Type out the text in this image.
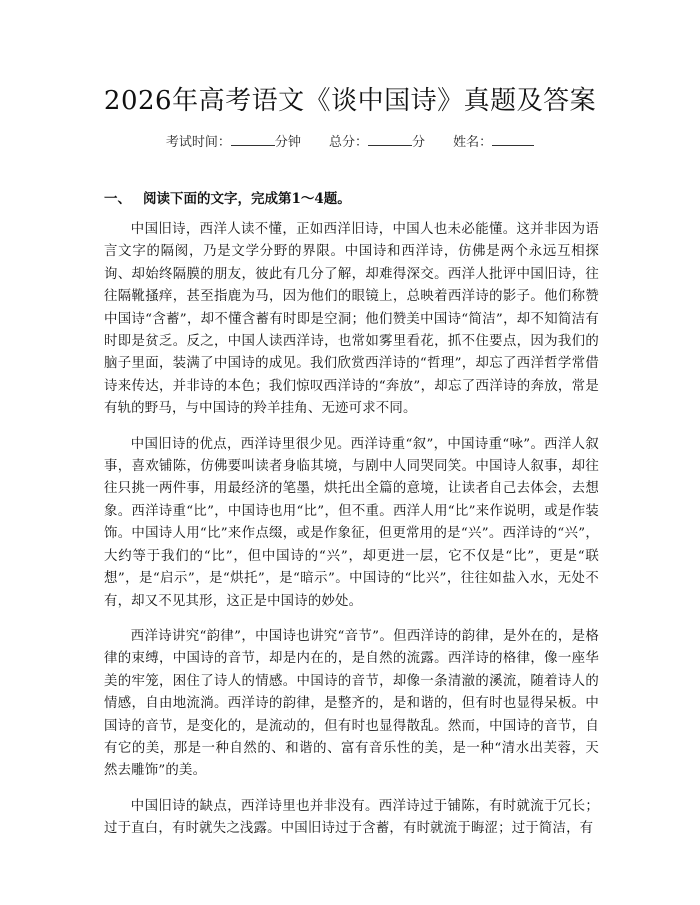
2026年高考语文《谈中国诗》真题及答案
考试时间：	分钟 总分：	分 姓名：
一、 阅读下面的文字，完成第1～4题。

中国旧诗，西洋人读不懂，正如西洋旧诗，中国人也未必能懂。这并非因为语言文字的隔阂，乃是文学分野的界限。中国诗和西洋诗，仿佛是两个永远互相探询、却始终隔膜的朋友，彼此有几分了解，却难得深交。西洋人批评中国旧诗，往往隔靴搔痒，甚至指鹿为马，因为他们的眼镜上，总映着西洋诗的影子。他们称赞中国诗“含蓄”，却不懂含蓄有时即是空洞；他们赞美中国诗“简洁”，却不知简洁有时即是贫乏。反之，中国人读西洋诗，也常如雾里看花，抓不住要点，因为我们的脑子里面，装满了中国诗的成见。我们欣赏西洋诗的“哲理”，却忘了西洋哲学常借诗来传达，并非诗的本色；我们惊叹西洋诗的“奔放”，却忘了西洋诗的奔放，常是有轨的野马，与中国诗的羚羊挂角、无迹可求不同。

中国旧诗的优点，西洋诗里很少见。西洋诗重“叙”，中国诗重“咏”。西洋人叙事，喜欢铺陈，仿佛要叫读者身临其境，与剧中人同哭同笑。中国诗人叙事，却往往只挑一两件事，用最经济的笔墨，烘托出全篇的意境，让读者自己去体会，去想象。西洋诗重“比”，中国诗也用“比”，但不重。西洋人用“比”来作说明，或是作装饰。中国诗人用“比”来作点缀，或是作象征，但更常用的是“兴”。西洋诗的“兴”，大约等于我们的“比”，但中国诗的“兴”，却更进一层，它不仅是“比”，更是“联想”，是“启示”，是“烘托”，是“暗示”。中国诗的“比兴”，往往如盐入水，无处不有，却又不见其形，这正是中国诗的妙处。

西洋诗讲究“韵律”，中国诗也讲究“音节”。但西洋诗的韵律，是外在的，是格律的束缚，中国诗的音节，却是内在的，是自然的流露。西洋诗的格律，像一座华美的牢笼，困住了诗人的情感。中国诗的音节，却像一条清澈的溪流，随着诗人的情感，自由地流淌。西洋诗的韵律，是整齐的，是和谐的，但有时也显得呆板。中国诗的音节，是变化的，是流动的，但有时也显得散乱。然而，中国诗的音节，自有它的美，那是一种自然的、和谐的、富有音乐性的美，是一种“清水出芙蓉，天然去雕饰”的美。

中国旧诗的缺点，西洋诗里也并非没有。西洋诗过于铺陈，有时就流于冗长；过于直白，有时就失之浅露。中国旧诗过于含蓄，有时就流于晦涩；过于简洁，有
